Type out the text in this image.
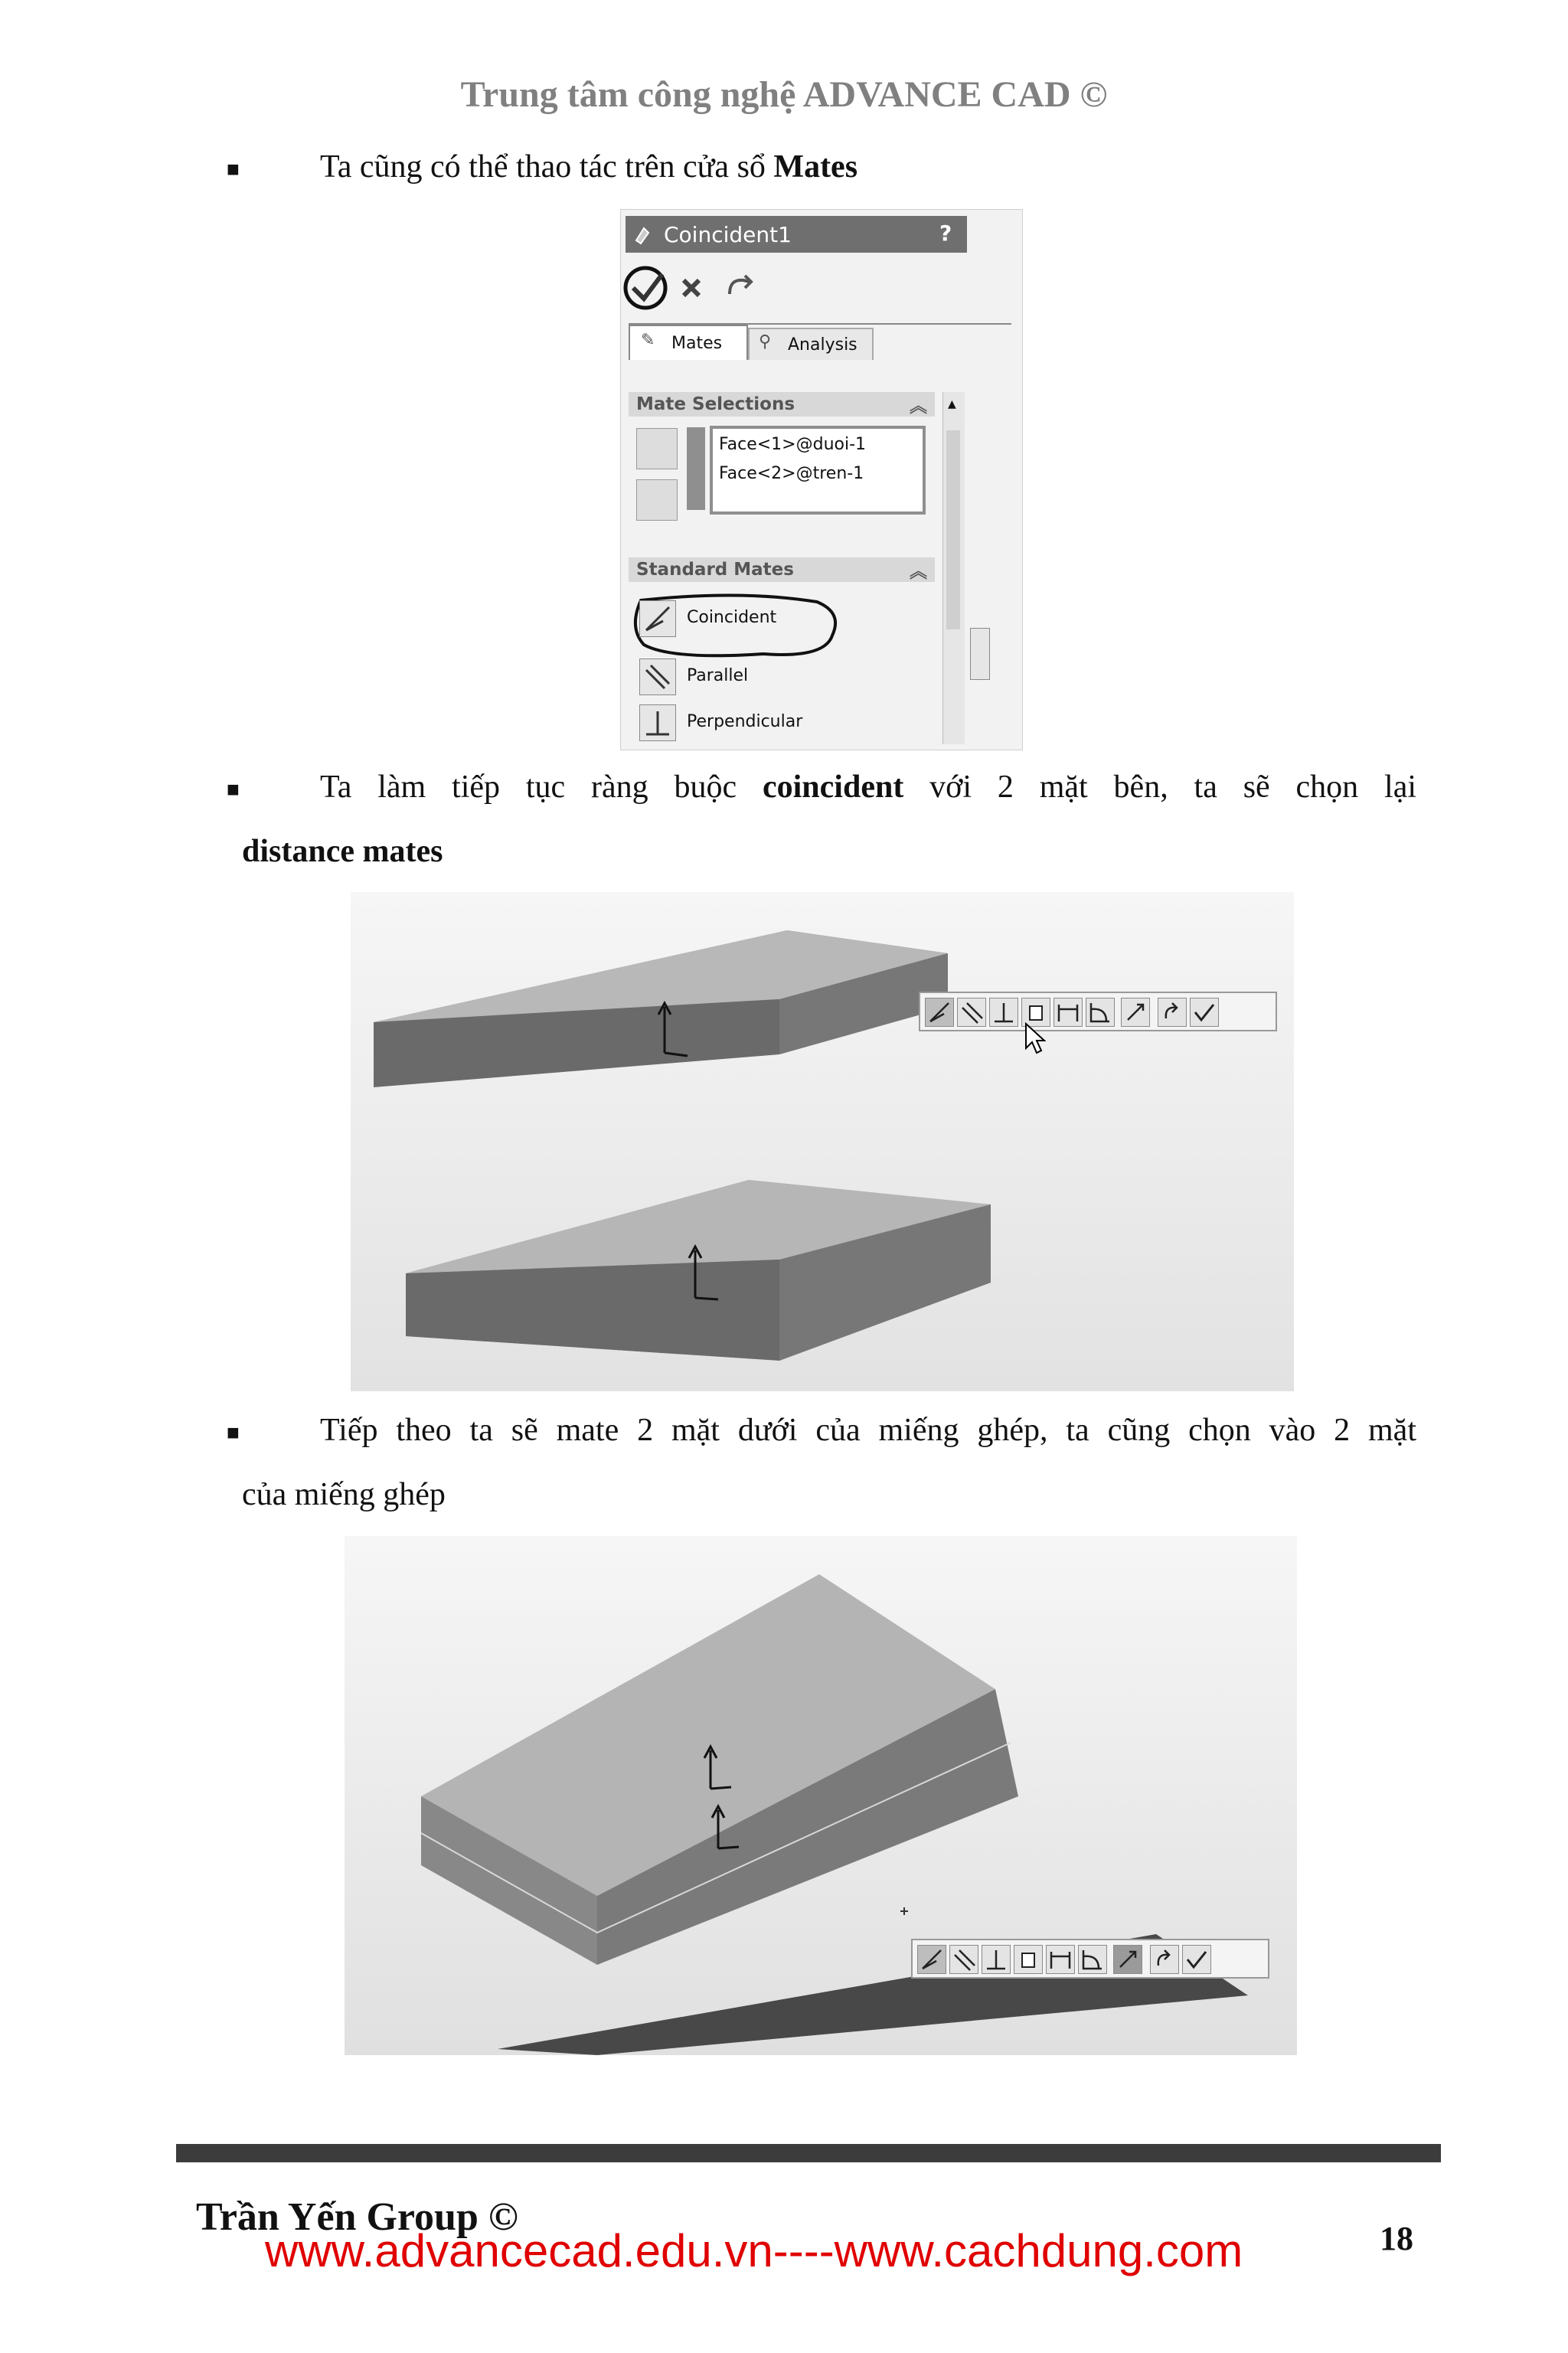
Trung tâm công nghệ ADVANCE CAD ©
■	Ta cũng có thể thao tác trên cửa sổ Mates
Coincident1	?
✎ Mates ⚲ Analysis
Mate Selections	︽ ▲
Face<1>@duoi-1
Face<2>@tren-1
Standard Mates	︽
Coincident
Parallel
Perpendicular
■	Ta làm tiếp tục ràng buộc coincident với 2 mặt bên, ta sẽ chọn lại
distance mates
■	Tiếp theo ta sẽ mate 2 mặt dưới của miếng ghép, ta cũng chọn vào 2 mặt
của miếng ghép
Trần Yến Group ©
www.advancecad.edu.vn----www.cachdung.com	18
